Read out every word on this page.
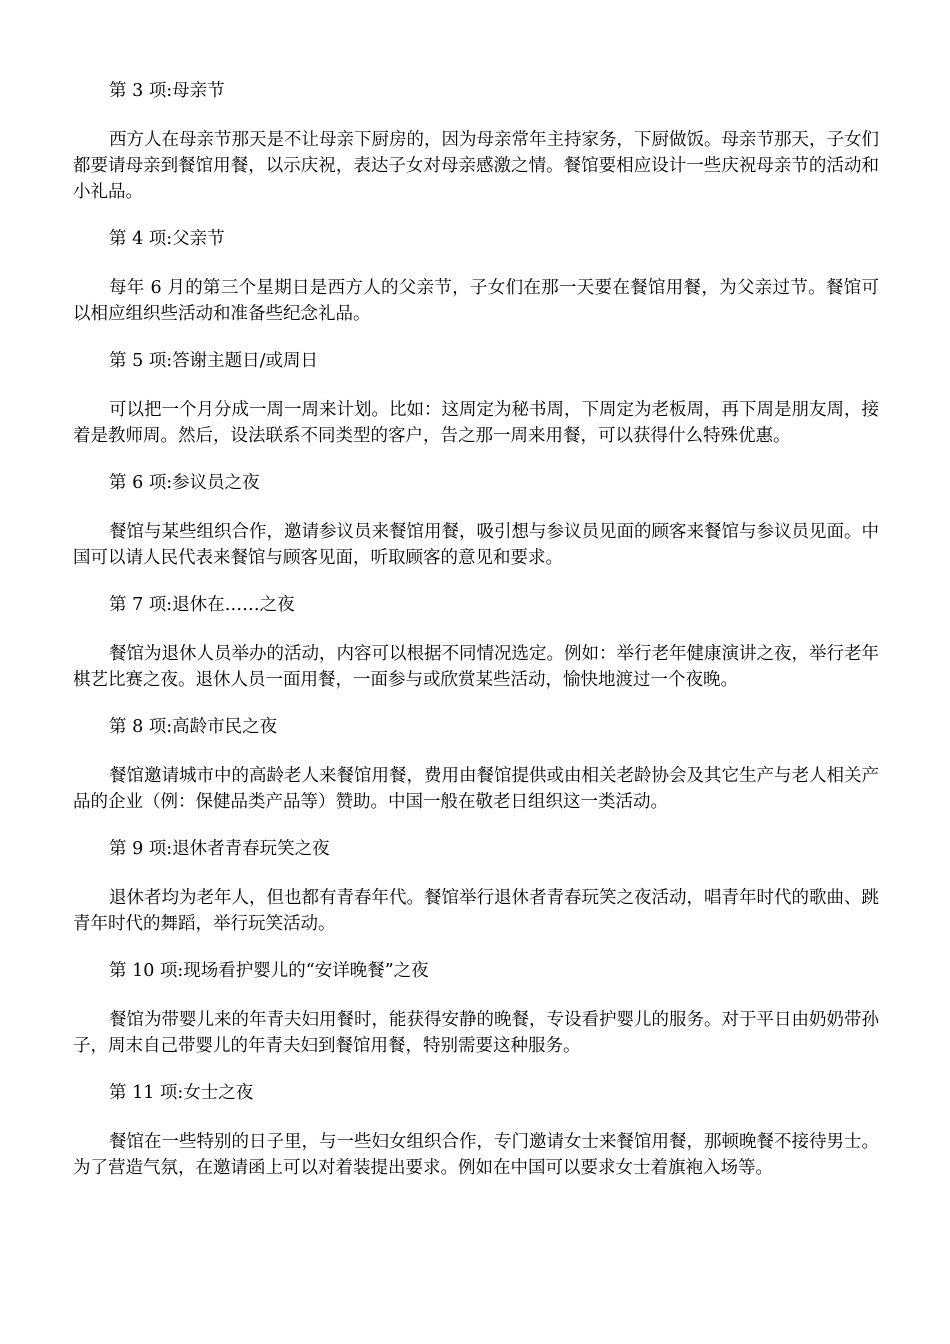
第 3 项:母亲节

西方人在母亲节那天是不让母亲下厨房的，因为母亲常年主持家务，下厨做饭。母亲节那天，子女们都要请母亲到餐馆用餐，以示庆祝，表达子女对母亲感激之情。餐馆要相应设计一些庆祝母亲节的活动和小礼品。

第 4 项:父亲节

每年 6 月的第三个星期日是西方人的父亲节，子女们在那一天要在餐馆用餐，为父亲过节。餐馆可以相应组织些活动和准备些纪念礼品。

第 5 项:答谢主题日/或周日

可以把一个月分成一周一周来计划。比如：这周定为秘书周，下周定为老板周，再下周是朋友周，接着是教师周。然后，设法联系不同类型的客户，告之那一周来用餐，可以获得什么特殊优惠。

第 6 项:参议员之夜

餐馆与某些组织合作，邀请参议员来餐馆用餐，吸引想与参议员见面的顾客来餐馆与参议员见面。中国可以请人民代表来餐馆与顾客见面，听取顾客的意见和要求。

第 7 项:退休在……之夜

餐馆为退休人员举办的活动，内容可以根据不同情况选定。例如：举行老年健康演讲之夜，举行老年棋艺比赛之夜。退休人员一面用餐，一面参与或欣赏某些活动，愉快地渡过一个夜晚。

第 8 项:高龄市民之夜

餐馆邀请城市中的高龄老人来餐馆用餐，费用由餐馆提供或由相关老龄协会及其它生产与老人相关产品的企业（例：保健品类产品等）赞助。中国一般在敬老日组织这一类活动。

第 9 项:退休者青春玩笑之夜

退休者均为老年人，但也都有青春年代。餐馆举行退休者青春玩笑之夜活动，唱青年时代的歌曲、跳青年时代的舞蹈，举行玩笑活动。

第 10 项:现场看护婴儿的“安详晚餐”之夜

餐馆为带婴儿来的年青夫妇用餐时，能获得安静的晚餐，专设看护婴儿的服务。对于平日由奶奶带孙子，周末自己带婴儿的年青夫妇到餐馆用餐，特别需要这种服务。

第 11 项:女士之夜

餐馆在一些特别的日子里，与一些妇女组织合作，专门邀请女士来餐馆用餐，那顿晚餐不接待男士。为了营造气氛，在邀请函上可以对着装提出要求。例如在中国可以要求女士着旗袍入场等。
